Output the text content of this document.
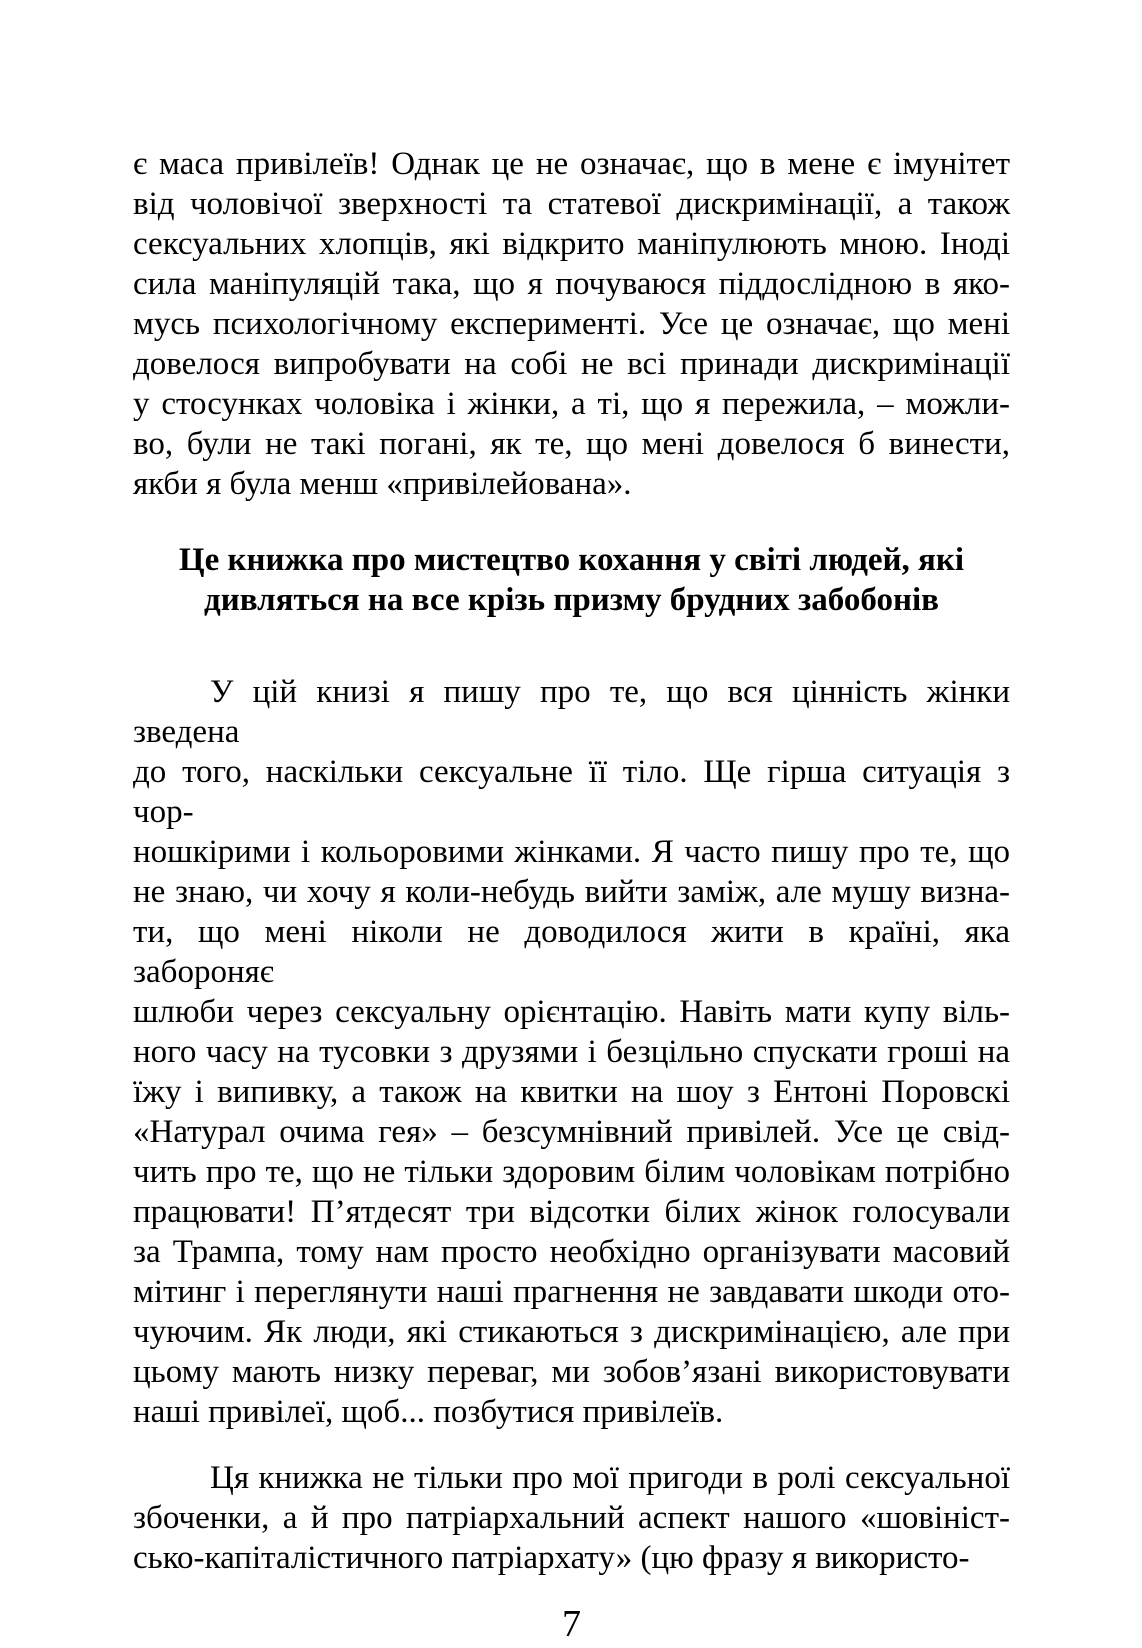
є маса привілеїв! Однак це не означає, що в мене є імунітет
від чоловічої зверхності та статевої дискримінації, а також
сексуальних хлопців, які відкрито маніпулюють мною. Іноді
сила маніпуляцій така, що я почуваюся піддослідною в яко-
мусь психологічному експерименті. Усе це означає, що мені
довелося випробувати на собі не всі принади дискримінації
у стосунках чоловіка і жінки, а ті, що я пережила, – можли-
во, були не такі погані, як те, що мені довелося б винести,
якби я була менш «привілейована».
Це книжка про мистецтво кохання у світі людей, які
дивляться на все крізь призму брудних забобонів
У цій книзі я пишу про те, що вся цінність жінки зведена
до того, наскільки сексуальне її тіло. Ще гірша ситуація з чор-
ношкірими і кольоровими жінками. Я часто пишу про те, що
не знаю, чи хочу я коли-небудь вийти заміж, але мушу визна-
ти, що мені ніколи не доводилося жити в країні, яка забороняє
шлюби через сексуальну орієнтацію. Навіть мати купу віль-
ного часу на тусовки з друзями і безцільно спускати гроші на
їжу і випивку, а також на квитки на шоу з Ентоні Поровскі
«Натурал очима гея» – безсумнівний привілей. Усе це свід-
чить про те, що не тільки здоровим білим чоловікам потрібно
працювати! П’ятдесят три відсотки білих жінок голосували
за Трампа, тому нам просто необхідно організувати масовий
мітинг і переглянути наші прагнення не завдавати шкоди ото-
чуючим. Як люди, які стикаються з дискримінацією, але при
цьому мають низку переваг, ми зобов’язані використовувати
наші привілеї, щоб... позбутися привілеїв.
Ця книжка не тільки про мої пригоди в ролі сексуальної
збоченки, а й про патріархальний аспект нашого «шовініст-
сько-капіталістичного патріархату» (цю фразу я використо-
7
